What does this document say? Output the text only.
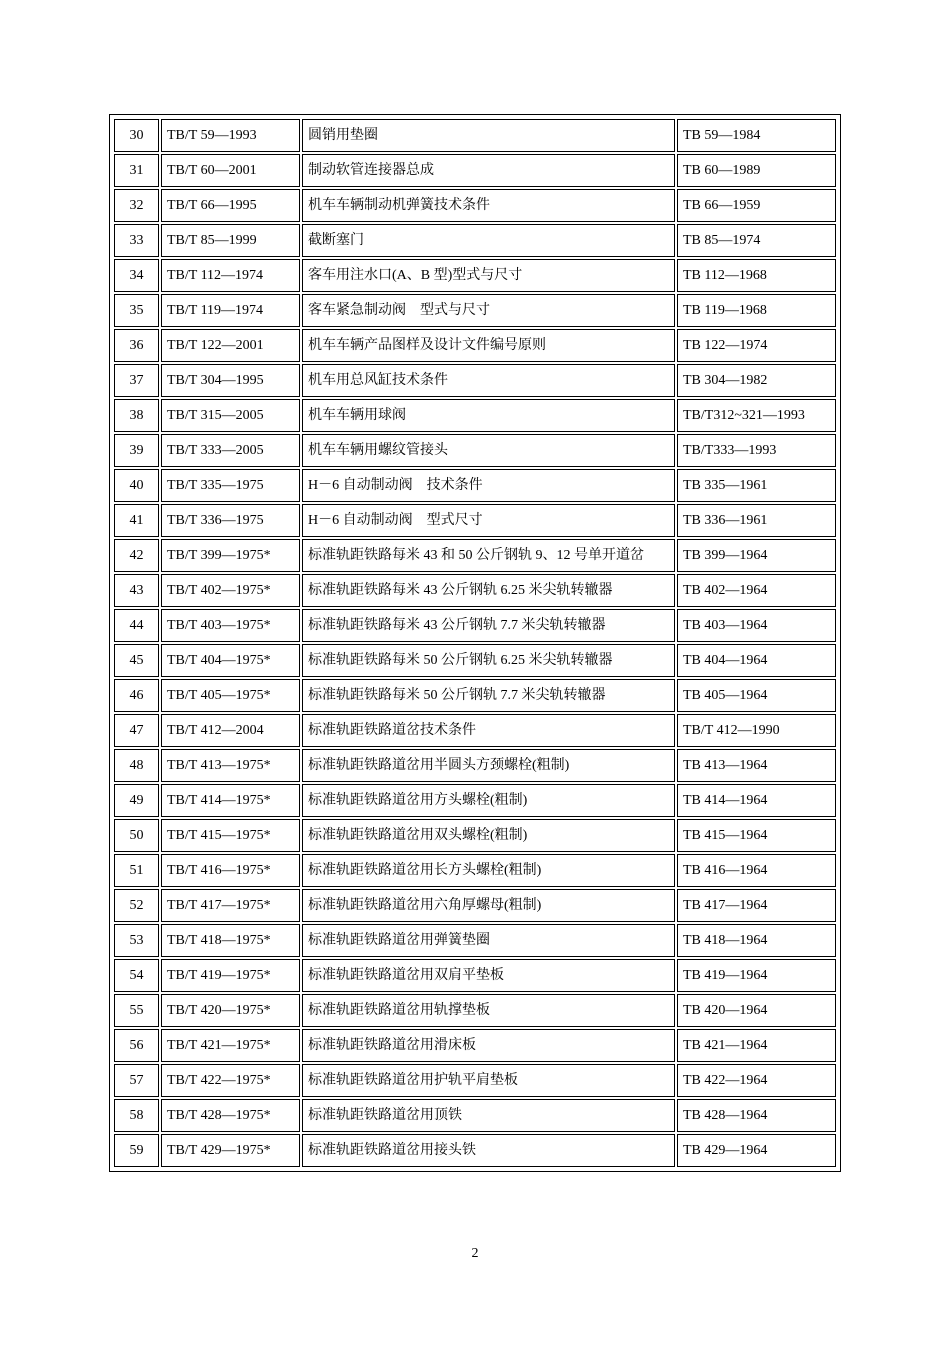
30	TB/T 59—1993	圆销用垫圈	TB 59—1984
31	TB/T 60—2001	制动软管连接器总成	TB 60—1989
32	TB/T 66—1995	机车车辆制动机弹簧技术条件	TB 66—1959
33	TB/T 85—1999	截断塞门	TB 85—1974
34	TB/T 112—1974	客车用注水口(A、B 型)型式与尺寸	TB 112—1968
35	TB/T 119—1974	客车紧急制动阀　型式与尺寸	TB 119—1968
36	TB/T 122—2001	机车车辆产品图样及设计文件编号原则	TB 122—1974
37	TB/T 304—1995	机车用总风缸技术条件	TB 304—1982
38	TB/T 315—2005	机车车辆用球阀	TB/T312~321—1993
39	TB/T 333—2005	机车车辆用螺纹管接头	TB/T333—1993
40	TB/T 335—1975	H－6 自动制动阀　技术条件	TB 335—1961
41	TB/T 336—1975	H－6 自动制动阀　型式尺寸	TB 336—1961
42	TB/T 399—1975*	标准轨距铁路每米 43 和 50 公斤钢轨 9、12 号单开道岔	TB 399—1964
43	TB/T 402—1975*	标准轨距铁路每米 43 公斤钢轨 6.25 米尖轨转辙器	TB 402—1964
44	TB/T 403—1975*	标准轨距铁路每米 43 公斤钢轨 7.7 米尖轨转辙器	TB 403—1964
45	TB/T 404—1975*	标准轨距铁路每米 50 公斤钢轨 6.25 米尖轨转辙器	TB 404—1964
46	TB/T 405—1975*	标准轨距铁路每米 50 公斤钢轨 7.7 米尖轨转辙器	TB 405—1964
47	TB/T 412—2004	标准轨距铁路道岔技术条件	TB/T 412—1990
48	TB/T 413—1975*	标准轨距铁路道岔用半圆头方颈螺栓(粗制)	TB 413—1964
49	TB/T 414—1975*	标准轨距铁路道岔用方头螺栓(粗制)	TB 414—1964
50	TB/T 415—1975*	标准轨距铁路道岔用双头螺栓(粗制)	TB 415—1964
51	TB/T 416—1975*	标准轨距铁路道岔用长方头螺栓(粗制)	TB 416—1964
52	TB/T 417—1975*	标准轨距铁路道岔用六角厚螺母(粗制)	TB 417—1964
53	TB/T 418—1975*	标准轨距铁路道岔用弹簧垫圈	TB 418—1964
54	TB/T 419—1975*	标准轨距铁路道岔用双肩平垫板	TB 419—1964
55	TB/T 420—1975*	标准轨距铁路道岔用轨撑垫板	TB 420—1964
56	TB/T 421—1975*	标准轨距铁路道岔用滑床板	TB 421—1964
57	TB/T 422—1975*	标准轨距铁路道岔用护轨平肩垫板	TB 422—1964
58	TB/T 428—1975*	标准轨距铁路道岔用顶铁	TB 428—1964
59	TB/T 429—1975*	标准轨距铁路道岔用接头铁	TB 429—1964
2
